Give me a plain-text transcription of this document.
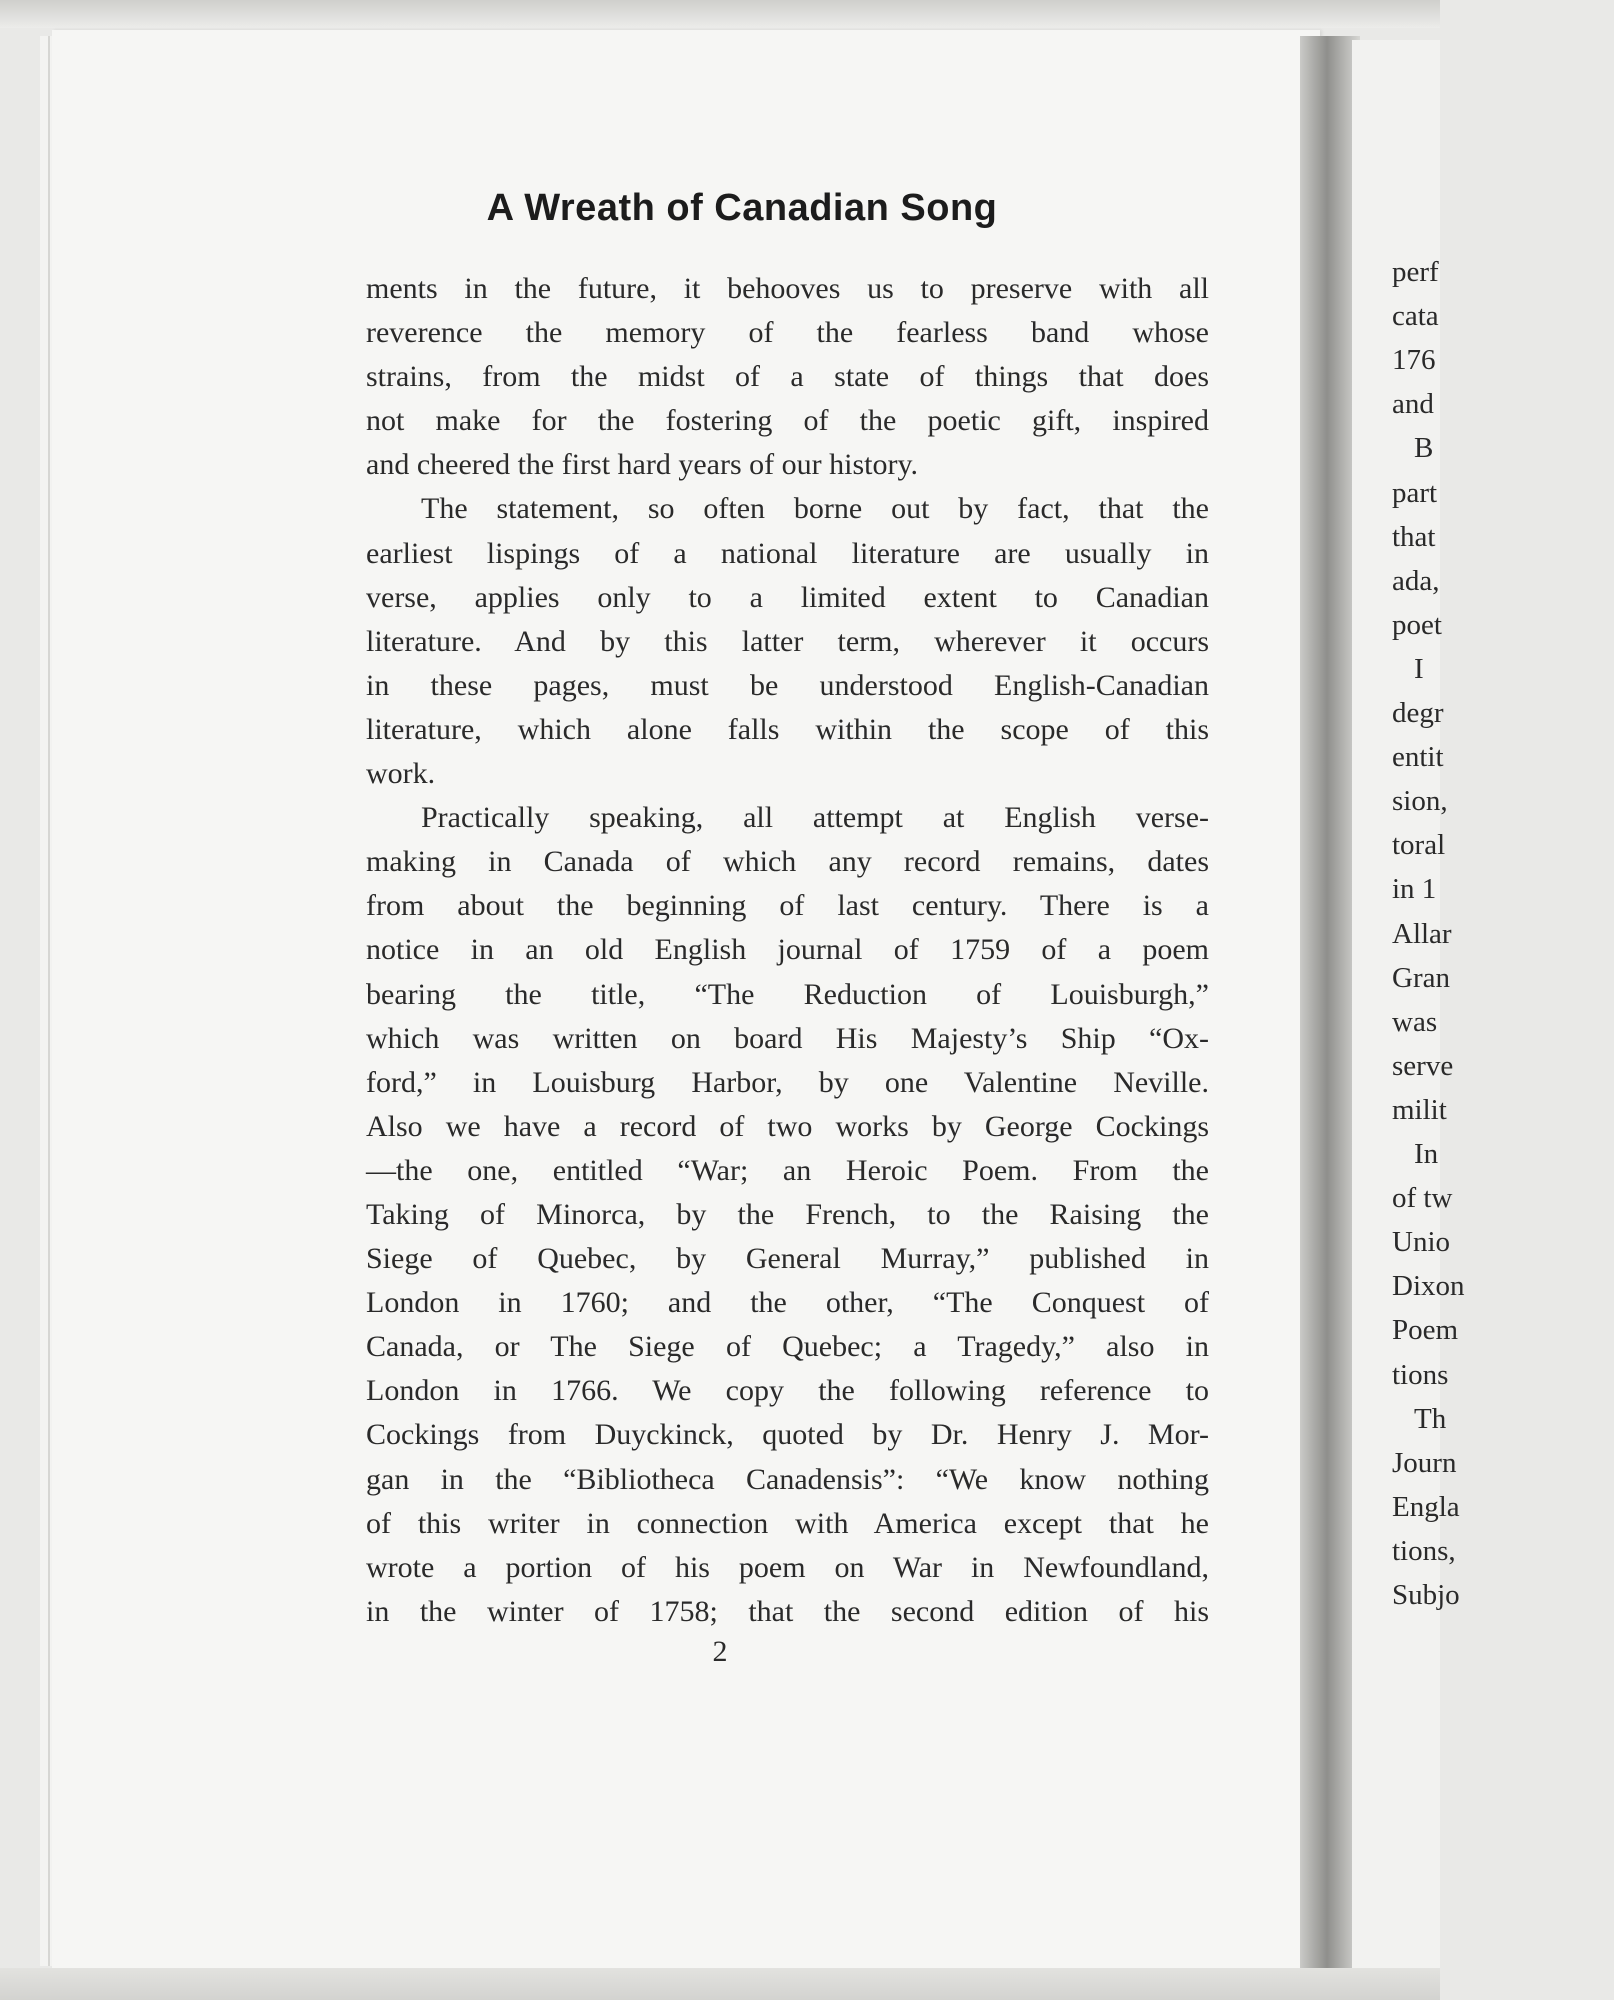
perf
cata
176
and
B
part
that
ada,
poet
I
degr
entit
sion,
toral
in 1
Allar
Gran
was
serve
milit
In
of tw
Unio
Dixon
Poem
tions
Th
Journ
Engla
tions,
Subjo
A Wreath of Canadian Song
ments in the future, it behooves us to preserve with all
reverence the memory of the fearless band whose
strains, from the midst of a state of things that does
not make for the fostering of the poetic gift, inspired
and cheered the first hard years of our history.
The statement, so often borne out by fact, that the
earliest lispings of a national literature are usually in
verse, applies only to a limited extent to Canadian
literature. And by this latter term, wherever it occurs
in these pages, must be understood English-Canadian
literature, which alone falls within the scope of this
work.
Practically speaking, all attempt at English verse-
making in Canada of which any record remains, dates
from about the beginning of last century. There is a
notice in an old English journal of 1759 of a poem
bearing the title, “The Reduction of Louisburgh,”
which was written on board His Majesty’s Ship “Ox-
ford,” in Louisburg Harbor, by one Valentine Neville.
Also we have a record of two works by George Cockings
—the one, entitled “War; an Heroic Poem. From the
Taking of Minorca, by the French, to the Raising the
Siege of Quebec, by General Murray,” published in
London in 1760; and the other, “The Conquest of
Canada, or The Siege of Quebec; a Tragedy,” also in
London in 1766. We copy the following reference to
Cockings from Duyckinck, quoted by Dr. Henry J. Mor-
gan in the “Bibliotheca Canadensis”: “We know nothing
of this writer in connection with America except that he
wrote a portion of his poem on War in Newfoundland,
in the winter of 1758; that the second edition of his
2
